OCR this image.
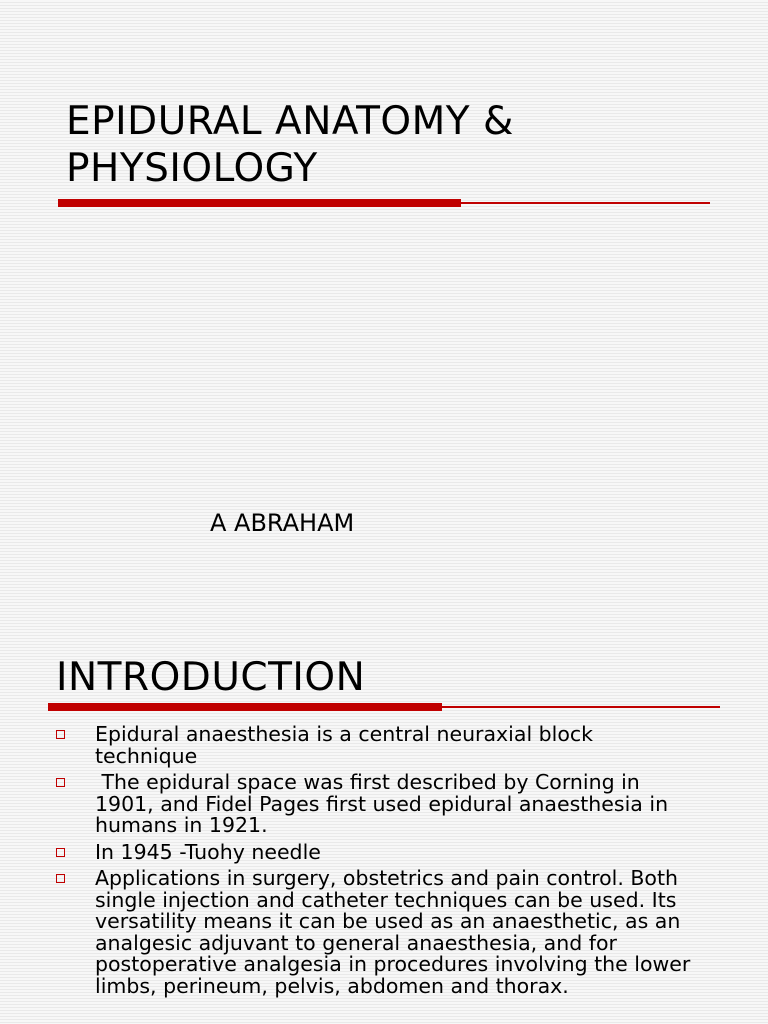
EPIDURAL ANATOMY &
PHYSIOLOGY

A ABRAHAM

INTRODUCTION
Epidural anaesthesia is a central neuraxial block technique
The epidural space was first described by Corning in 1901, and Fidel Pages first used epidural anaesthesia in humans in 1921.
In 1945 -Tuohy needle
Applications in surgery, obstetrics and pain control. Both single injection and catheter techniques can be used. Its versatility means it can be used as an anaesthetic, as an analgesic adjuvant to general anaesthesia, and for postoperative analgesia in procedures involving the lower limbs, perineum, pelvis, abdomen and thorax.
